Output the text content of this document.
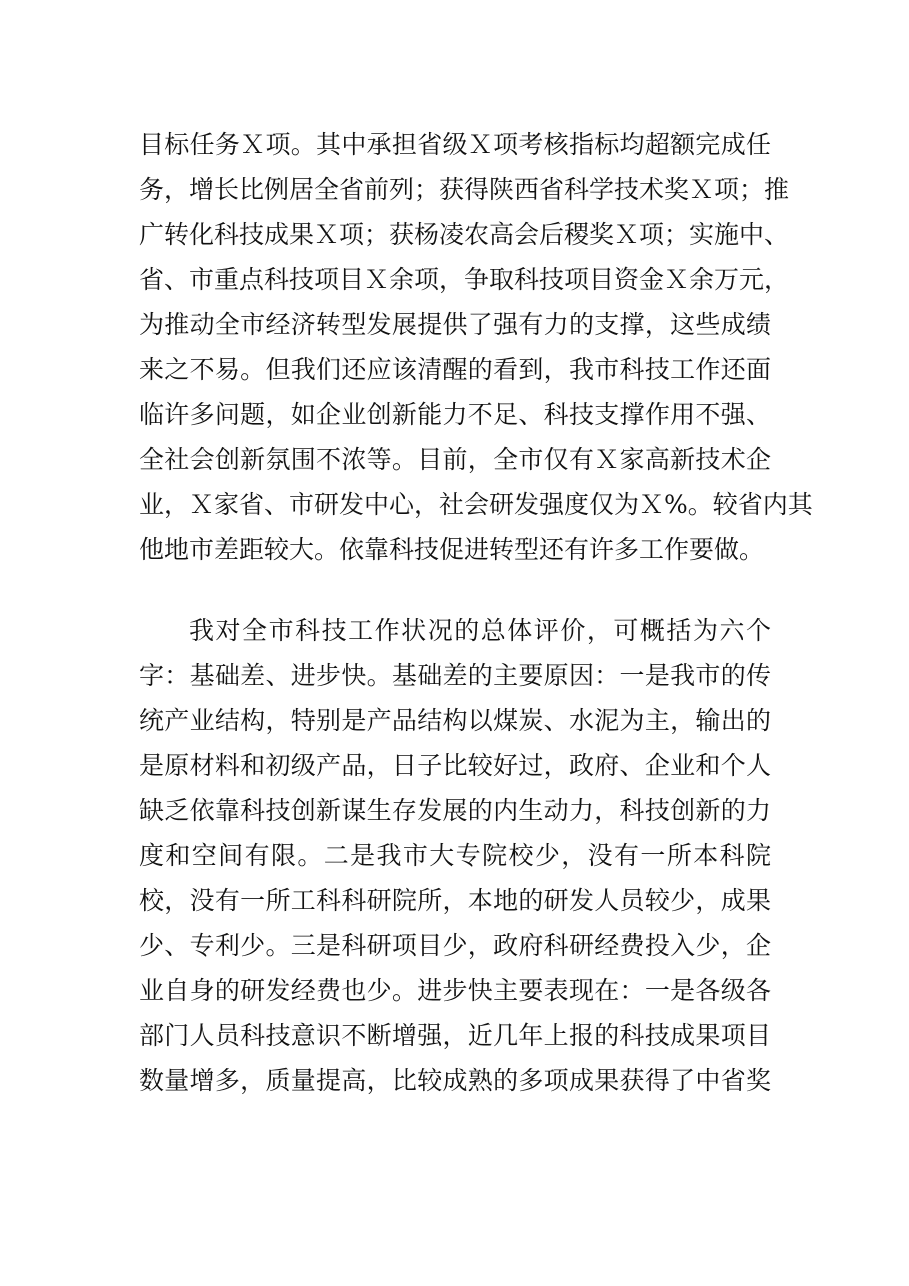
目标任务Ｘ项。其中承担省级Ｘ项考核指标均超额完成任
务，增长比例居全省前列；获得陕西省科学技术奖Ｘ项；推
广转化科技成果Ｘ项；获杨凌农高会后稷奖Ｘ项；实施中、
省、市重点科技项目Ｘ余项，争取科技项目资金Ｘ余万元，
为推动全市经济转型发展提供了强有力的支撑，这些成绩
来之不易。但我们还应该清醒的看到，我市科技工作还面
临许多问题，如企业创新能力不足、科技支撑作用不强、
全社会创新氛围不浓等。目前，全市仅有Ｘ家高新技术企
业，Ｘ家省、市研发中心，社会研发强度仅为Ｘ%。较省内其
他地市差距较大。依靠科技促进转型还有许多工作要做。
我对全市科技工作状况的总体评价，可概括为六个
字：基础差、进步快。基础差的主要原因：一是我市的传
统产业结构，特别是产品结构以煤炭、水泥为主，输出的
是原材料和初级产品，日子比较好过，政府、企业和个人
缺乏依靠科技创新谋生存发展的内生动力，科技创新的力
度和空间有限。二是我市大专院校少，没有一所本科院
校，没有一所工科科研院所，本地的研发人员较少，成果
少、专利少。三是科研项目少，政府科研经费投入少，企
业自身的研发经费也少。进步快主要表现在：一是各级各
部门人员科技意识不断增强，近几年上报的科技成果项目
数量增多，质量提高，比较成熟的多项成果获得了中省奖
